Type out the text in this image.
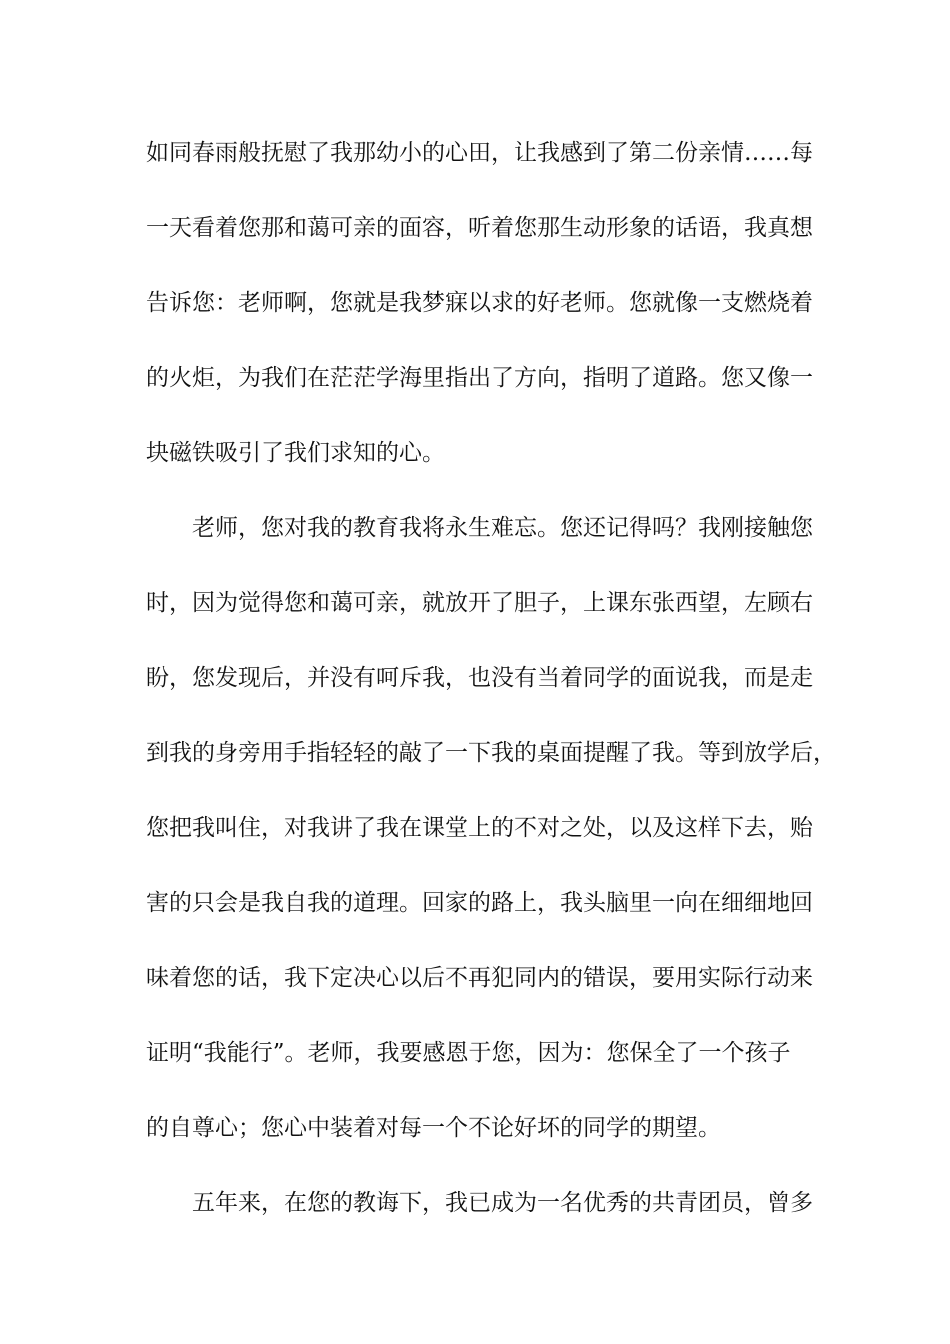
如同春雨般抚慰了我那幼小的心田，让我感到了第二份亲情……每
一天看着您那和蔼可亲的面容，听着您那生动形象的话语，我真想
告诉您：老师啊，您就是我梦寐以求的好老师。您就像一支燃烧着
的火炬，为我们在茫茫学海里指出了方向，指明了道路。您又像一
块磁铁吸引了我们求知的心。
老师，您对我的教育我将永生难忘。您还记得吗？我刚接触您
时，因为觉得您和蔼可亲，就放开了胆子，上课东张西望，左顾右
盼，您发现后，并没有呵斥我，也没有当着同学的面说我，而是走
到我的身旁用手指轻轻的敲了一下我的桌面提醒了我。等到放学后，
您把我叫住，对我讲了我在课堂上的不对之处，以及这样下去，贻
害的只会是我自我的道理。回家的路上，我头脑里一向在细细地回
味着您的话，我下定决心以后不再犯同内的错误，要用实际行动来
证明“我能行”。老师，我要感恩于您，因为：您保全了一个孩子
的自尊心；您心中装着对每一个不论好坏的同学的期望。
五年来，在您的教诲下，我已成为一名优秀的共青团员，曾多
